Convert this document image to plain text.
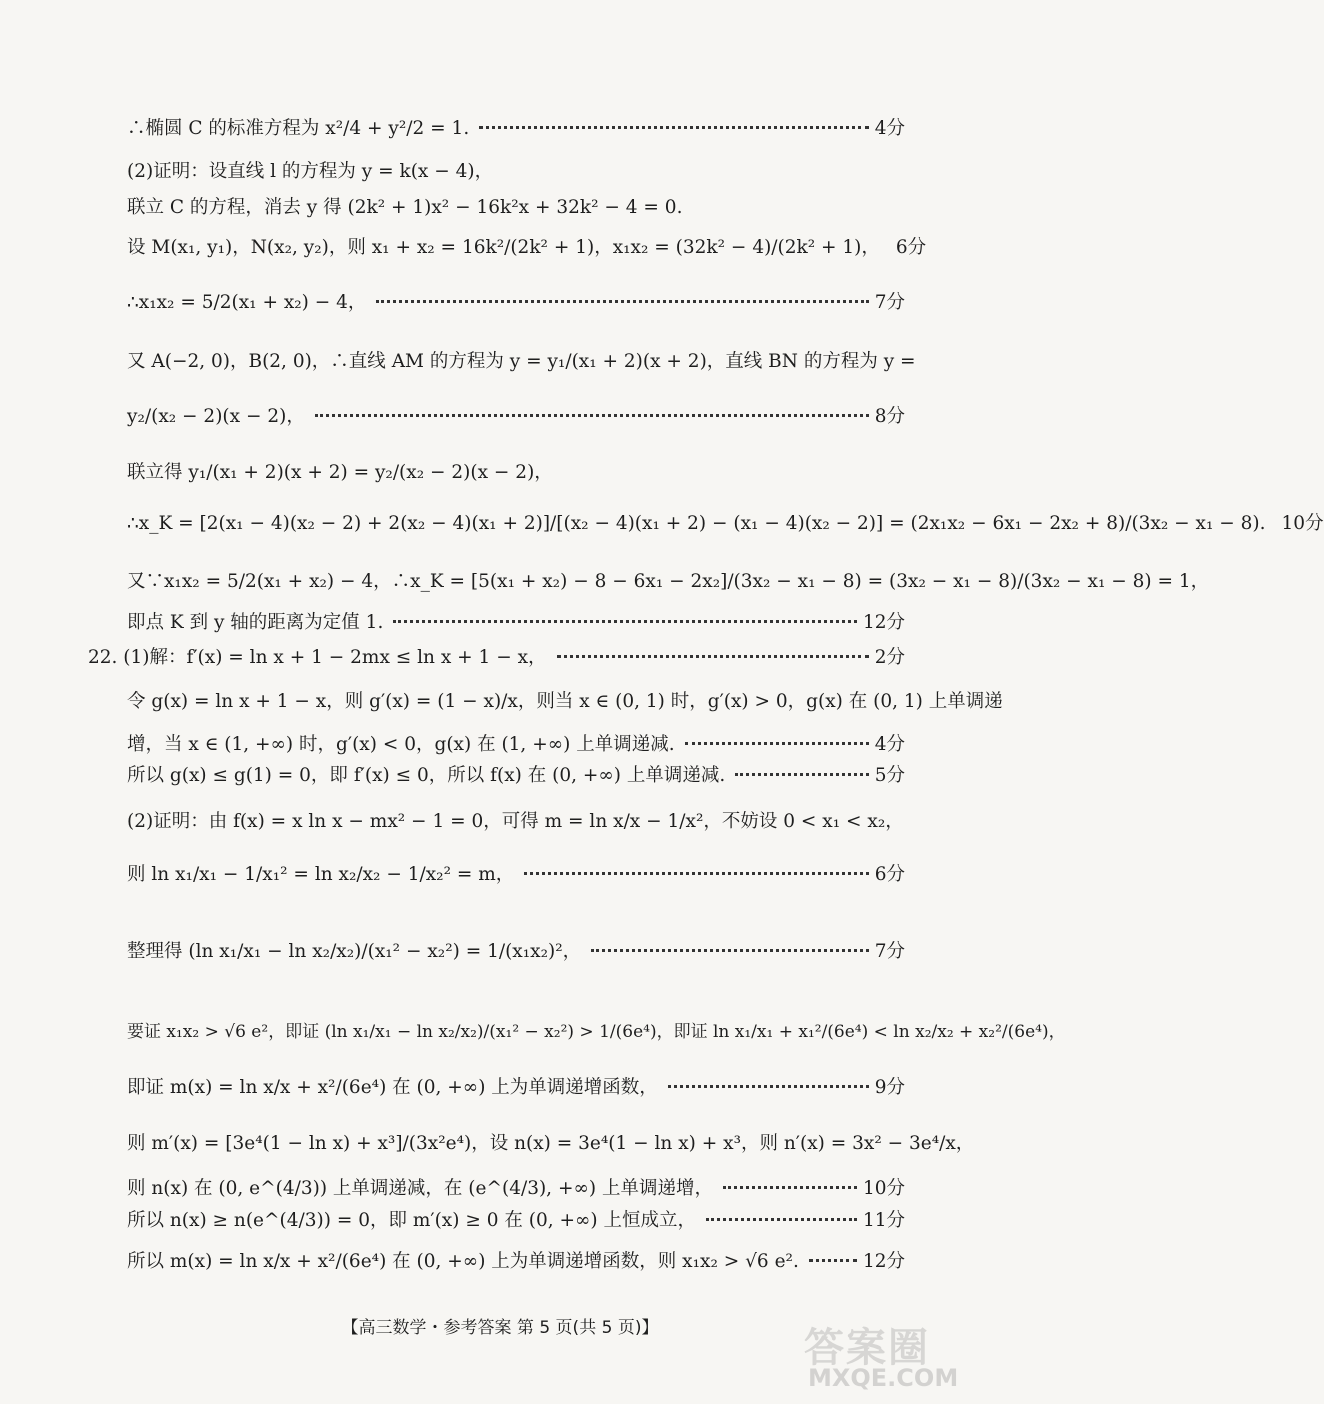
∴椭圆 C 的标准方程为 x²/4 + y²/2 = 1.	4分
(2)证明：设直线 l 的方程为 y = k(x − 4)，
联立 C 的方程，消去 y 得 (2k² + 1)x² − 16k²x + 32k² − 4 = 0.
设 M(x₁, y₁)，N(x₂, y₂)，则 x₁ + x₂ = 16k²/(2k² + 1)，x₁x₂ = (32k² − 4)/(2k² + 1)， 6分
∴x₁x₂ = 5/2(x₁ + x₂) − 4，	7分
又 A(−2, 0)，B(2, 0)，∴直线 AM 的方程为 y = y₁/(x₁ + 2)(x + 2)，直线 BN 的方程为 y =
y₂/(x₂ − 2)(x − 2)，	8分
联立得 y₁/(x₁ + 2)(x + 2) = y₂/(x₂ − 2)(x − 2)，
∴x_K = [2(x₁ − 4)(x₂ − 2) + 2(x₂ − 4)(x₁ + 2)]/[(x₂ − 4)(x₁ + 2) − (x₁ − 4)(x₂ − 2)] = (2x₁x₂ − 6x₁ − 2x₂ + 8)/(3x₂ − x₁ − 8). 10分
又∵x₁x₂ = 5/2(x₁ + x₂) − 4，∴x_K = [5(x₁ + x₂) − 8 − 6x₁ − 2x₂]/(3x₂ − x₁ − 8) = (3x₂ − x₁ − 8)/(3x₂ − x₁ − 8) = 1，
即点 K 到 y 轴的距离为定值 1.	12分
22. (1)解：f′(x) = ln x + 1 − 2mx ≤ ln x + 1 − x，	2分
令 g(x) = ln x + 1 − x，则 g′(x) = (1 − x)/x，则当 x ∈ (0, 1) 时，g′(x) > 0，g(x) 在 (0, 1) 上单调递
增，当 x ∈ (1, +∞) 时，g′(x) < 0，g(x) 在 (1, +∞) 上单调递减.	4分
所以 g(x) ≤ g(1) = 0，即 f′(x) ≤ 0，所以 f(x) 在 (0, +∞) 上单调递减.	5分
(2)证明：由 f(x) = x ln x − mx² − 1 = 0，可得 m = ln x/x − 1/x²，不妨设 0 < x₁ < x₂，
则 ln x₁/x₁ − 1/x₁² = ln x₂/x₂ − 1/x₂² = m，	6分
整理得 (ln x₁/x₁ − ln x₂/x₂)/(x₁² − x₂²) = 1/(x₁x₂)²，	7分
要证 x₁x₂ > √6 e²，即证 (ln x₁/x₁ − ln x₂/x₂)/(x₁² − x₂²) > 1/(6e⁴)，即证 ln x₁/x₁ + x₁²/(6e⁴) < ln x₂/x₂ + x₂²/(6e⁴)，
即证 m(x) = ln x/x + x²/(6e⁴) 在 (0, +∞) 上为单调递增函数，	9分
则 m′(x) = [3e⁴(1 − ln x) + x³]/(3x²e⁴)，设 n(x) = 3e⁴(1 − ln x) + x³，则 n′(x) = 3x² − 3e⁴/x，
则 n(x) 在 (0, e^(4/3)) 上单调递减，在 (e^(4/3), +∞) 上单调递增，	10分
所以 n(x) ≥ n(e^(4/3)) = 0，即 m′(x) ≥ 0 在 (0, +∞) 上恒成立，	11分
所以 m(x) = ln x/x + x²/(6e⁴) 在 (0, +∞) 上为单调递增函数，则 x₁x₂ > √6 e².	12分
【高三数学・参考答案 第 5 页(共 5 页)】	答案圈
MXQE.COM
